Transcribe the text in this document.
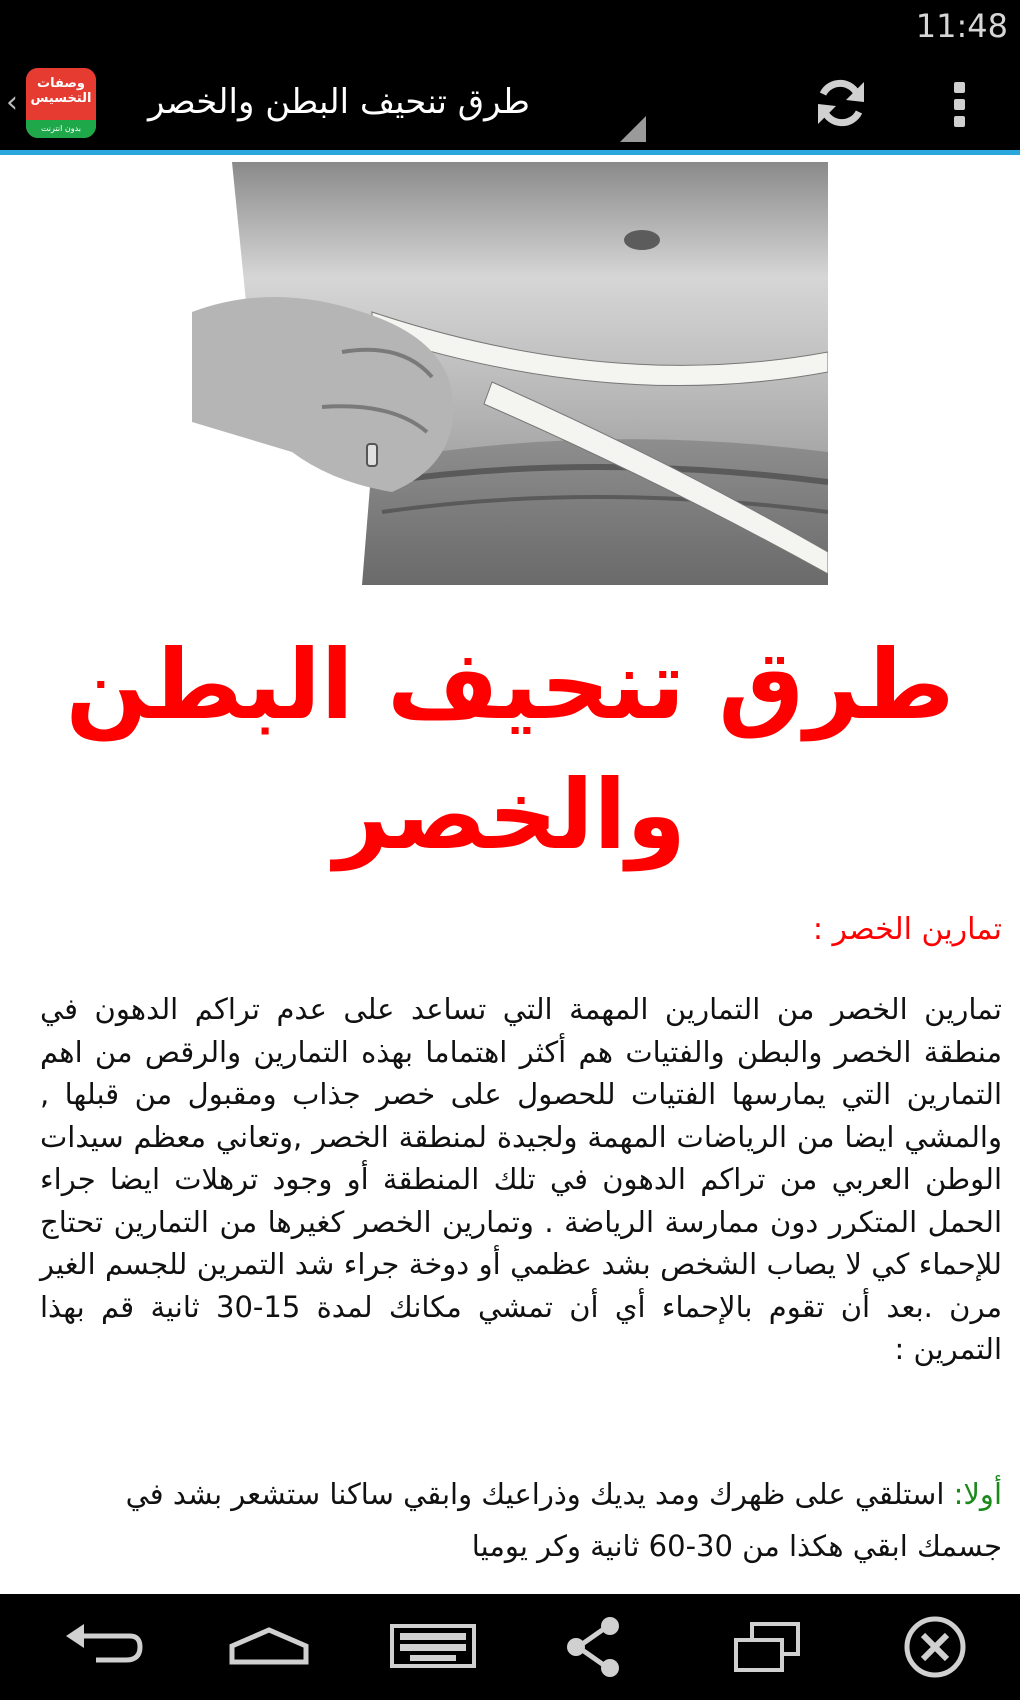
11:48
‹
وصفات التخسيس
بدون انترنت
طرق تنحيف البطن والخصر
طرق تنحيف البطن والخصر
تمارين الخصر :
تمارين الخصر من التمارين المهمة التي تساعد على عدم تراكم الدهون في منطقة الخصر والبطن والفتيات هم أكثر اهتماما بهذه التمارين والرقص من اهم التمارين التي يمارسها الفتيات للحصول على خصر جذاب ومقبول من قبلها , والمشي ايضا من الرياضات المهمة ولجيدة لمنطقة الخصر ,وتعاني معظم سيدات الوطن العربي من تراكم الدهون في تلك المنطقة أو وجود ترهلات ايضا جراء الحمل المتكرر دون ممارسة الرياضة . وتمارين الخصر كغيرها من التمارين تحتاج للإحماء كي لا يصاب الشخص بشد عظمي أو دوخة جراء شد التمرين للجسم الغير مرن .بعد أن تقوم بالإحماء أي أن تمشي مكانك لمدة 15-30 ثانية قم بهذا التمرين :
أولا: استلقي على ظهرك ومد يديك وذراعيك وابقي ساكنا ستشعر بشد في جسمك ابقي هكذا من 30-60 ثانية وكر يوميا
